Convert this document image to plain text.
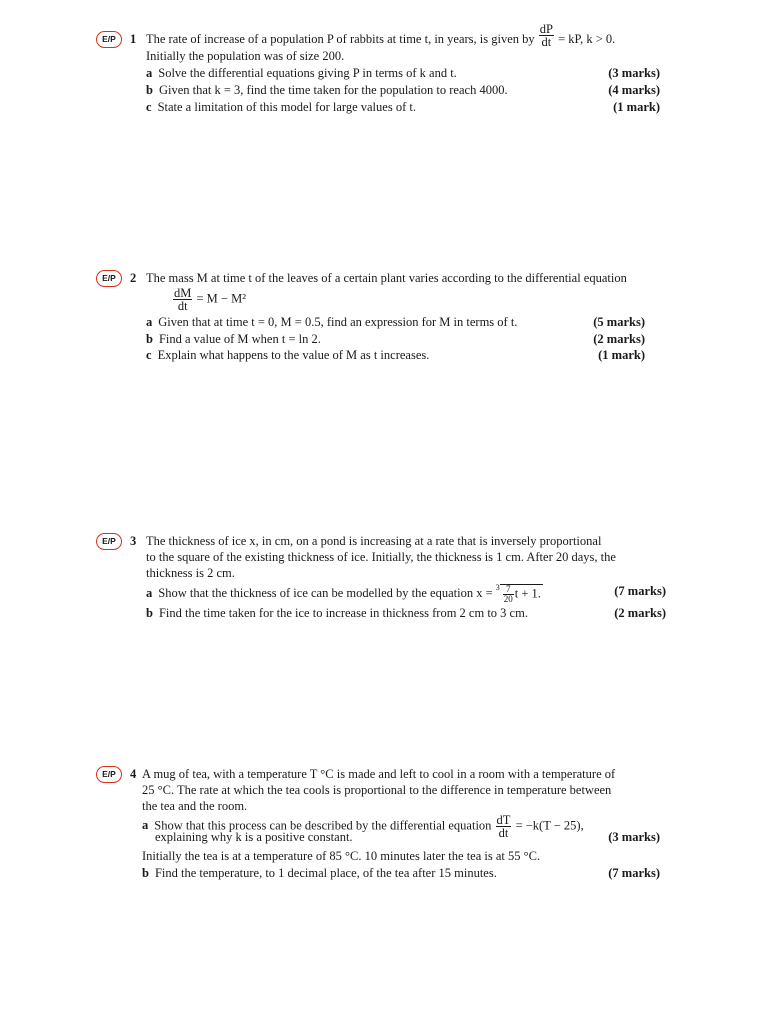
E/P	1 The rate of increase of a population P of rabbits at time t, in years, is given by $\frac{dP}{dt}$ = kP, k > 0.
Initially the population was of size 200.
a Solve the differential equations giving P in terms of k and t.	(3 marks)
b Given that k = 3, find the time taken for the population to reach 4000.	(4 marks)
c State a limitation of this model for large values of t.	(1 mark)
E/P	2 The mass M at time t of the leaves of a certain plant varies according to the differential equation
$\frac{dM}{dt} = M - M^2$
a Given that at time t = 0, M = 0.5, find an expression for M in terms of t.	(5 marks)
b Find a value of M when t = ln 2.	(2 marks)
c Explain what happens to the value of M as t increases.	(1 mark)
E/P	3 The thickness of ice x, in cm, on a pond is increasing at a rate that is inversely proportional
to the square of the existing thickness of ice. Initially, the thickness is 1 cm. After 20 days, the
thickness is 2 cm.
a Show that the thickness of ice can be modelled by the equation $x = ^3 \frac{7}{20}$ t + 1.	(7 marks)
b Find the time taken for the ice to increase in thickness from 2 cm to 3 cm.	(2 marks)
E/P	4 A mug of tea, with a temperature T °C is made and left to cool in a room with a temperature of
25 °C. The rate at which the tea cools is proportional to the difference in temperature between
the tea and the room.
a Show that this process can be described by the differential equation $\frac{dT}{dt} = -k(T - 25)$,
explaining why k is a positive constant.	(3 marks)
Initially the tea is at a temperature of 85 °C. 10 minutes later the tea is at 55 °C.
b Find the temperature, to 1 decimal place, of the tea after 15 minutes.	(7 marks)
